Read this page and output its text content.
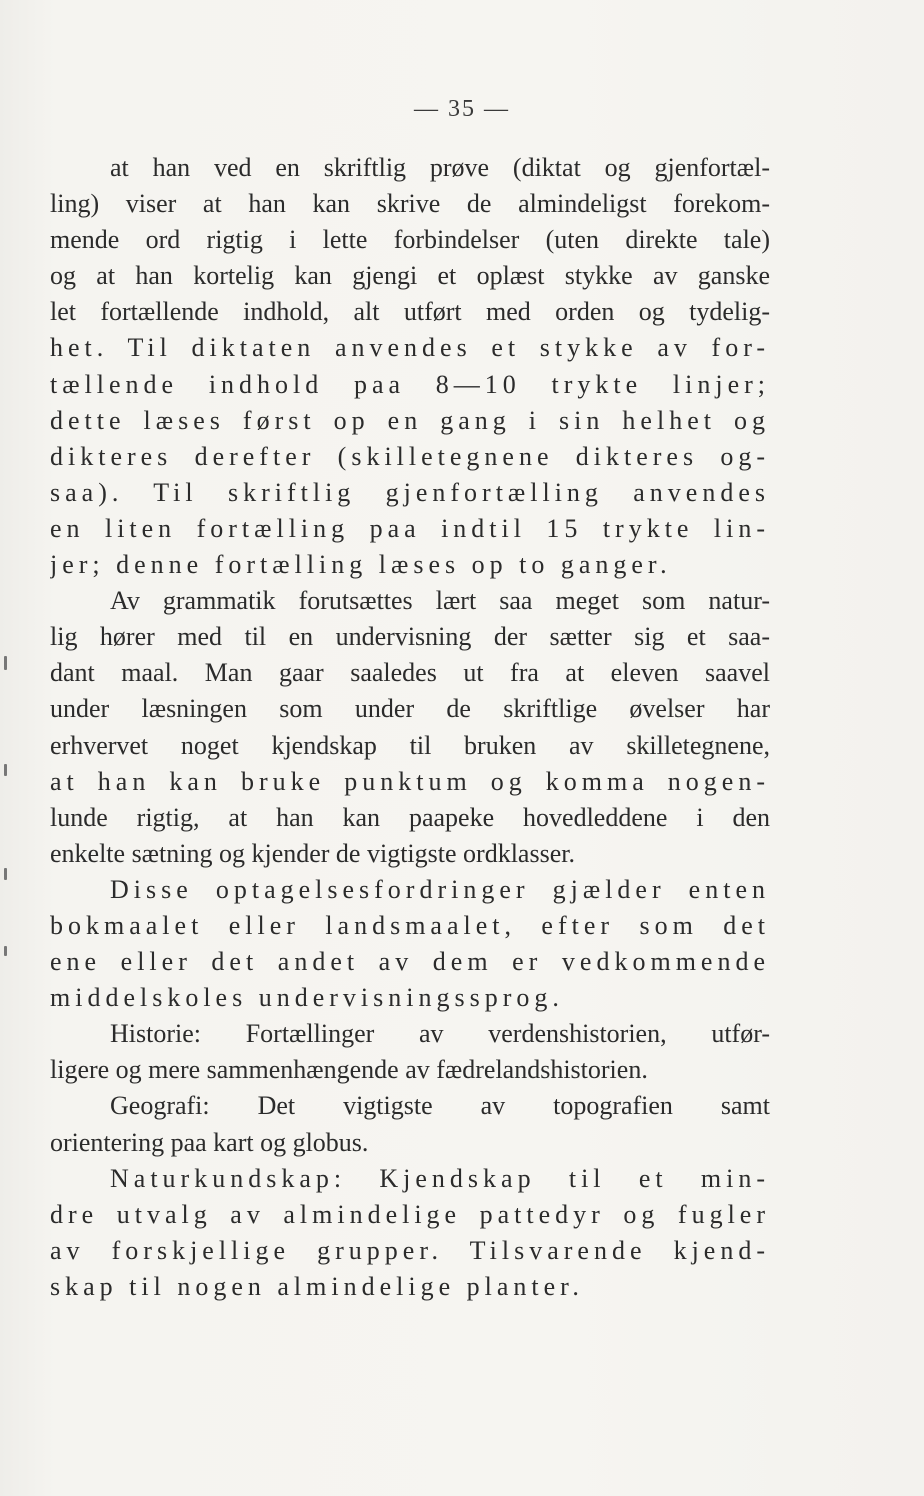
— 35 —
at han ved en skriftlig prøve (diktat og gjenfortæl-
ling) viser at han kan skrive de almindeligst forekom-
mende ord rigtig i lette forbindelser (uten direkte tale)
og at han kortelig kan gjengi et oplæst stykke av ganske
let fortællende indhold, alt utført med orden og tydelig-
het. Til diktaten anvendes et stykke av for-
tællende indhold paa 8—10 trykte linjer;
dette læses først op en gang i sin helhet og
dikteres derefter (skilletegnene dikteres og-
saa). Til skriftlig gjenfortælling anvendes
en liten fortælling paa indtil 15 trykte lin-
jer; denne fortælling læses op to ganger.
Av grammatik forutsættes lært saa meget som natur-
lig hører med til en undervisning der sætter sig et saa-
dant maal. Man gaar saaledes ut fra at eleven saavel
under læsningen som under de skriftlige øvelser har
erhvervet noget kjendskap til bruken av skilletegnene,
at han kan bruke punktum og komma nogen-
lunde rigtig, at han kan paapeke hovedleddene i den
enkelte sætning og kjender de vigtigste ordklasser.
Disse optagelsesfordringer gjælder enten
bokmaalet eller landsmaalet, efter som det
ene eller det andet av dem er vedkommende
middelskoles undervisningssprog.
Historie: Fortællinger av verdenshistorien, utfør-
ligere og mere sammenhængende av fædrelandshistorien.
Geografi: Det vigtigste av topografien samt
orientering paa kart og globus.
Naturkundskap: Kjendskap til et min-
dre utvalg av almindelige pattedyr og fugler
av forskjellige grupper. Tilsvarende kjend-
skap til nogen almindelige planter.
